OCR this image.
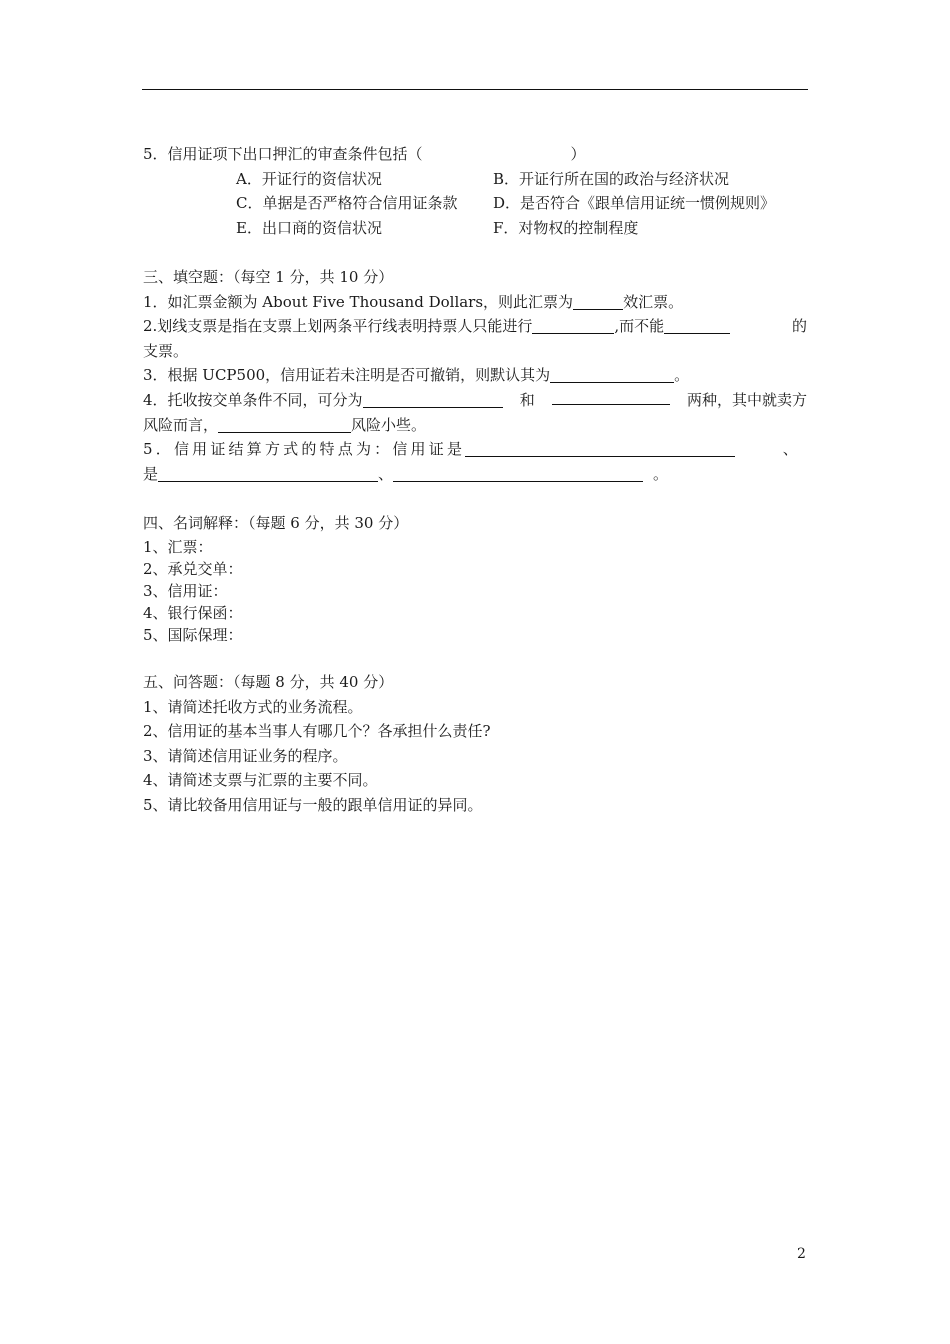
5．信用证项下出口押汇的审查条件包括（	）
A．开证行的资信状况	B．开证行所在国的政治与经济状况
C．单据是否严格符合信用证条款	D．是否符合《跟单信用证统一惯例规则》
E．出口商的资信状况	F．对物权的控制程度
三、填空题：（每空 1 分，共 10 分）
1．如汇票金额为 About Five Thousand Dollars，则此汇票为	效汇票。
2.划线支票是指在支票上划两条平行线表明持票人只能进行	,而不能	的
支票。
3．根据 UCP500，信用证若未注明是否可撤销，则默认其为	。
4．托收按交单条件不同，可分为	和	两种，其中就卖方
风险而言，	风险小些。
5．信用证结算方式的特点为：信用证是	、
是	、	。
四、名词解释：（每题 6 分，共 30 分）
1、汇票：
2、承兑交单：
3、信用证：
4、银行保函：
5、国际保理：
五、问答题：（每题 8 分，共 40 分）
1、请简述托收方式的业务流程。
2、信用证的基本当事人有哪几个？各承担什么责任?
3、请简述信用证业务的程序。
4、请简述支票与汇票的主要不同。
5、请比较备用信用证与一般的跟单信用证的异同。
2
